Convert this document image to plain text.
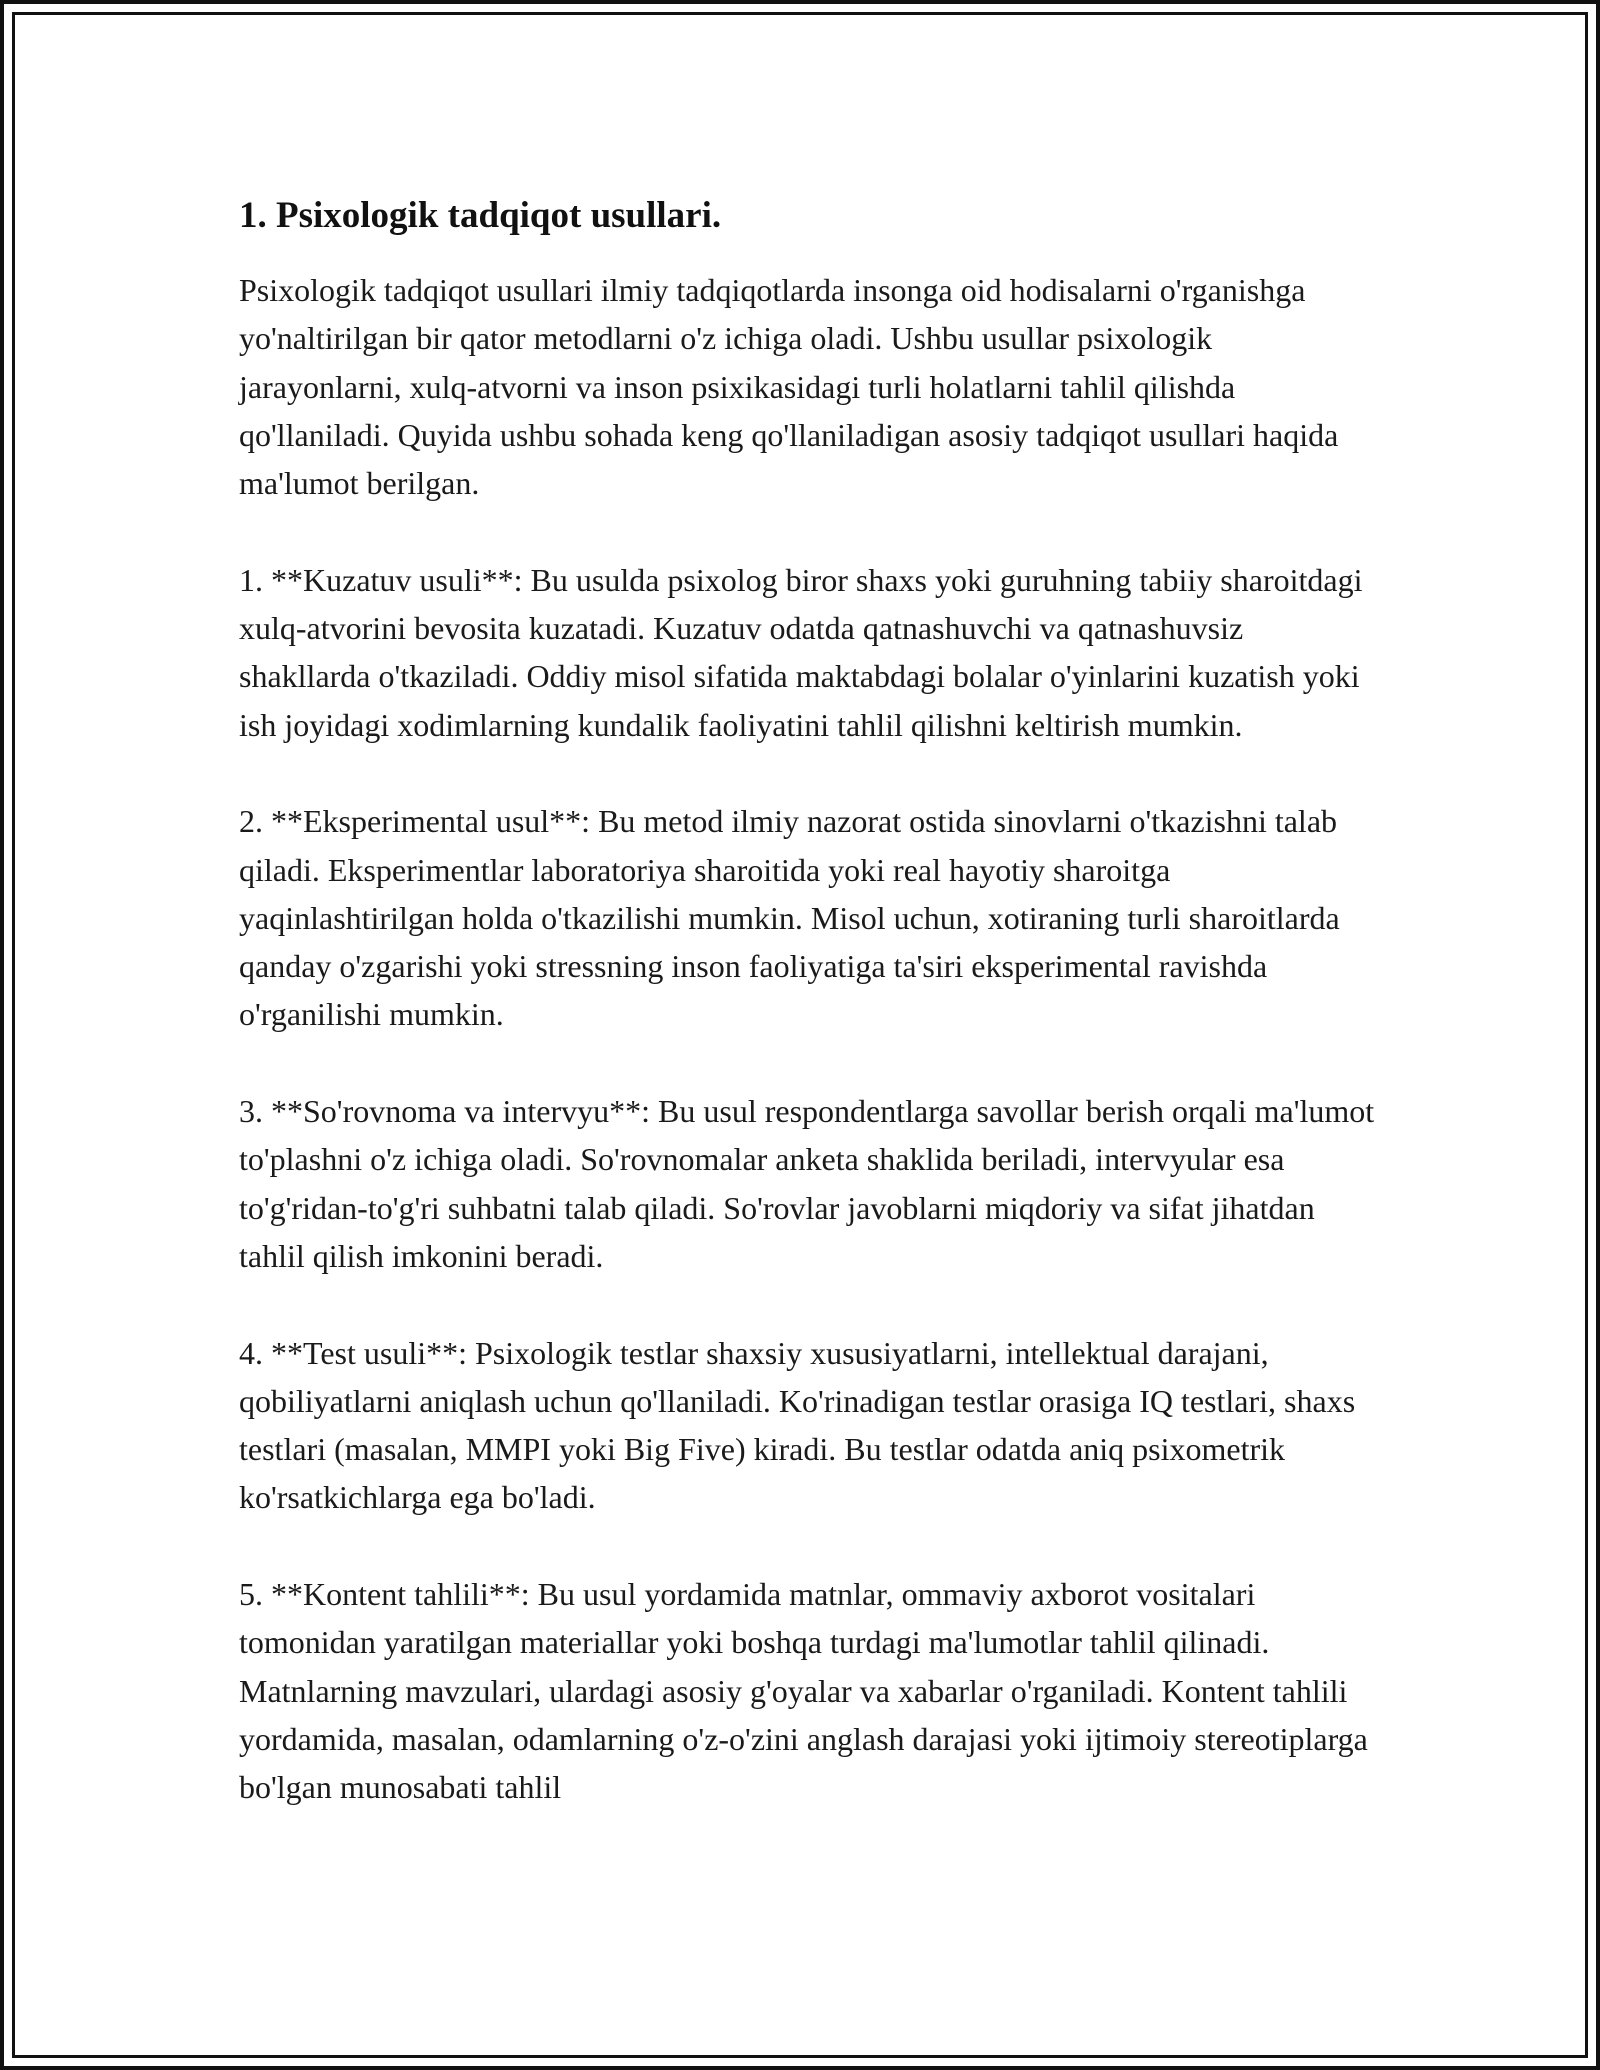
1. Psixologik tadqiqot usullari.

Psixologik tadqiqot usullari ilmiy tadqiqotlarda insonga oid hodisalarni o'rganishga yo'naltirilgan bir qator metodlarni o'z ichiga oladi. Ushbu usullar psixologik jarayonlarni, xulq-atvorni va inson psixikasidagi turli holatlarni tahlil qilishda qo'llaniladi. Quyida ushbu sohada keng qo'llaniladigan asosiy tadqiqot usullari haqida ma'lumot berilgan.

1. **Kuzatuv usuli**: Bu usulda psixolog biror shaxs yoki guruhning tabiiy sharoitdagi xulq-atvorini bevosita kuzatadi. Kuzatuv odatda qatnashuvchi va qatnashuvsiz shakllarda o'tkaziladi. Oddiy misol sifatida maktabdagi bolalar o'yinlarini kuzatish yoki ish joyidagi xodimlarning kundalik faoliyatini tahlil qilishni keltirish mumkin.

2. **Eksperimental usul**: Bu metod ilmiy nazorat ostida sinovlarni o'tkazishni talab qiladi. Eksperimentlar laboratoriya sharoitida yoki real hayotiy sharoitga yaqinlashtirilgan holda o'tkazilishi mumkin. Misol uchun, xotiraning turli sharoitlarda qanday o'zgarishi yoki stressning inson faoliyatiga ta'siri eksperimental ravishda o'rganilishi mumkin.

3. **So'rovnoma va intervyu**: Bu usul respondentlarga savollar berish orqali ma'lumot to'plashni o'z ichiga oladi. So'rovnomalar anketa shaklida beriladi, intervyular esa to'g'ridan-to'g'ri suhbatni talab qiladi. So'rovlar javoblarni miqdoriy va sifat jihatdan tahlil qilish imkonini beradi.

4. **Test usuli**: Psixologik testlar shaxsiy xususiyatlarni, intellektual darajani, qobiliyatlarni aniqlash uchun qo'llaniladi. Ko'rinadigan testlar orasiga IQ testlari, shaxs testlari (masalan, MMPI yoki Big Five) kiradi. Bu testlar odatda aniq psixometrik ko'rsatkichlarga ega bo'ladi.

5. **Kontent tahlili**: Bu usul yordamida matnlar, ommaviy axborot vositalari tomonidan yaratilgan materiallar yoki boshqa turdagi ma'lumotlar tahlil qilinadi. Matnlarning mavzulari, ulardagi asosiy g'oyalar va xabarlar o'rganiladi. Kontent tahlili yordamida, masalan, odamlarning o'z-o'zini anglash darajasi yoki ijtimoiy stereotiplarga bo'lgan munosabati tahlil
